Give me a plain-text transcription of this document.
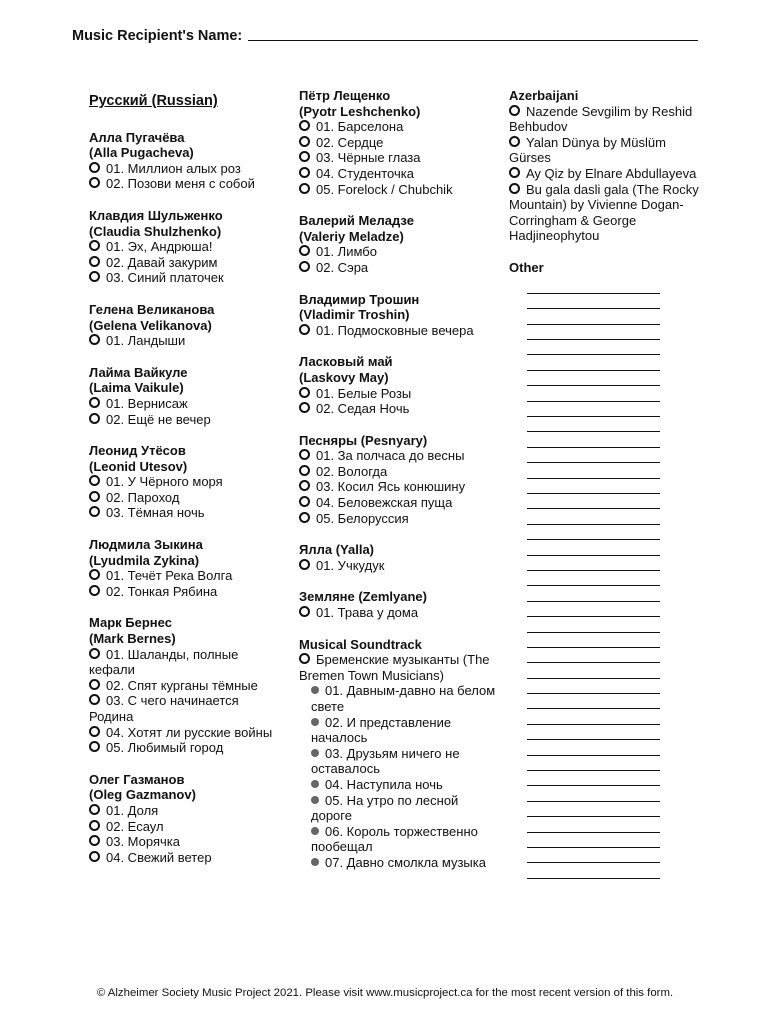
Music Recipient's Name:
Русский (Russian)
Алла Пугачёва
(Alla Pugacheva)
01. Миллион алых роз
02. Позови меня с собой
Клавдия Шульженко
(Claudia Shulzhenko)
01. Эх, Андрюша!
02. Давай закурим
03. Синий платочек
Гелена Великанова
(Gelena Velikanova)
01. Ландыши
Лайма Вайкуле
(Laima Vaikule)
01. Вернисаж
02. Ещё не вечер
Леонид Утёсов
(Leonid Utesov)
01. У Чёрного моря
02. Пароход
03. Тёмная ночь
Людмила Зыкина
(Lyudmila Zykina)
01. Течёт Река Волга
02. Тонкая Рябина
Марк Бернес
(Mark Bernes)
01. Шаланды, полные кефали
02. Спят курганы тёмные
03. С чего начинается Родина
04. Хотят ли русские войны
05. Любимый город
Олег Газманов
(Oleg Gazmanov)
01. Доля
02. Есаул
03. Морячка
04. Свежий ветер
Пётр Лещенко
(Pyotr Leshchenko)
01. Барселона
02. Сердце
03. Чёрные глаза
04. Студенточка
05. Forelock / Chubchik
Валерий Меладзе
(Valeriy Meladze)
01. Лимбо
02. Сэра
Владимир Трошин
(Vladimir Troshin)
01. Подмосковные вечера
Ласковый май
(Laskovy May)
01. Белые Розы
02. Седая Ночь
Песняры (Pesnyary)
01. За полчаса до весны
02. Вологда
03. Косил Ясь конюшину
04. Беловежская пуща
05. Белоруссия
Ялла (Yalla)
01. Учкудук
Земляне (Zemlyane)
01. Трава у дома
Musical Soundtrack
Бременские музыканты (The Bremen Town Musicians)
01. Давным-давно на белом свете
02. И представление началось
03. Друзьям ничего не оставалось
04. Наступила ночь
05. На утро по лесной дороге
06. Король торжественно пообещал
07. Давно смолкла музыка
Azerbaijani
Nazende Sevgilim by Reshid Behbudov
Yalan Dünya by Müslüm Gürses
Ay Qiz by Elnare Abdullayeva
Bu gala dasli gala (The Rocky Mountain) by Vivienne Dogan-Corringham & George Hadjineophytou
Other
© Alzheimer Society Music Project 2021. Please visit www.musicproject.ca for the most recent version of this form.
